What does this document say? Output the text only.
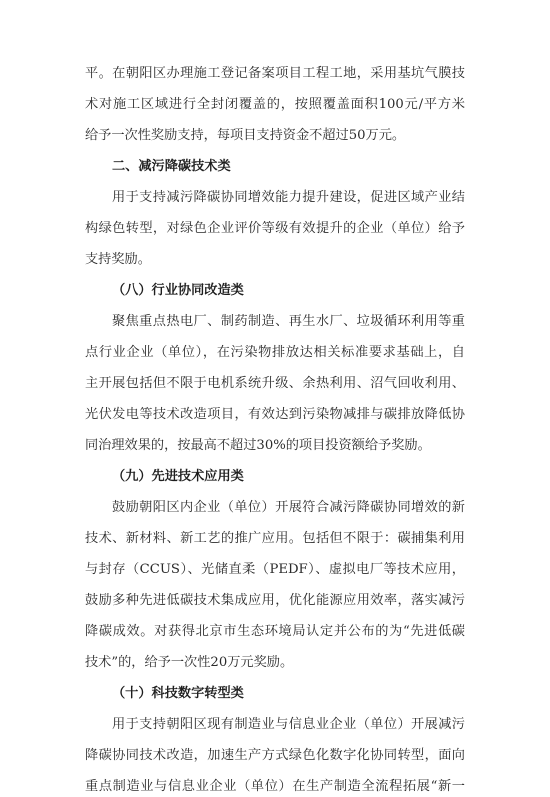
平。在朝阳区办理施工登记备案项目工程工地，采用基坑气膜技
术对施工区域进行全封闭覆盖的，按照覆盖面积100元/平方米
给予一次性奖励支持，每项目支持资金不超过50万元。
二、减污降碳技术类
用于支持减污降碳协同增效能力提升建设，促进区域产业结
构绿色转型，对绿色企业评价等级有效提升的企业（单位）给予
支持奖励。
（八）行业协同改造类
聚焦重点热电厂、制药制造、再生水厂、垃圾循环利用等重
点行业企业（单位），在污染物排放达相关标准要求基础上，自
主开展包括但不限于电机系统升级、余热利用、沼气回收利用、
光伏发电等技术改造项目，有效达到污染物减排与碳排放降低协
同治理效果的，按最高不超过30%的项目投资额给予奖励。
（九）先进技术应用类
鼓励朝阳区内企业（单位）开展符合减污降碳协同增效的新
技术、新材料、新工艺的推广应用。包括但不限于：碳捕集利用
与封存（CCUS）、光储直柔（PEDF）、虚拟电厂等技术应用，
鼓励多种先进低碳技术集成应用，优化能源应用效率，落实减污
降碳成效。对获得北京市生态环境局认定并公布的为“先进低碳
技术”的，给予一次性20万元奖励。
（十）科技数字转型类
用于支持朝阳区现有制造业与信息业企业（单位）开展减污
降碳协同技术改造，加速生产方式绿色化数字化协同转型，面向
重点制造业与信息业企业（单位）在生产制造全流程拓展“新一
